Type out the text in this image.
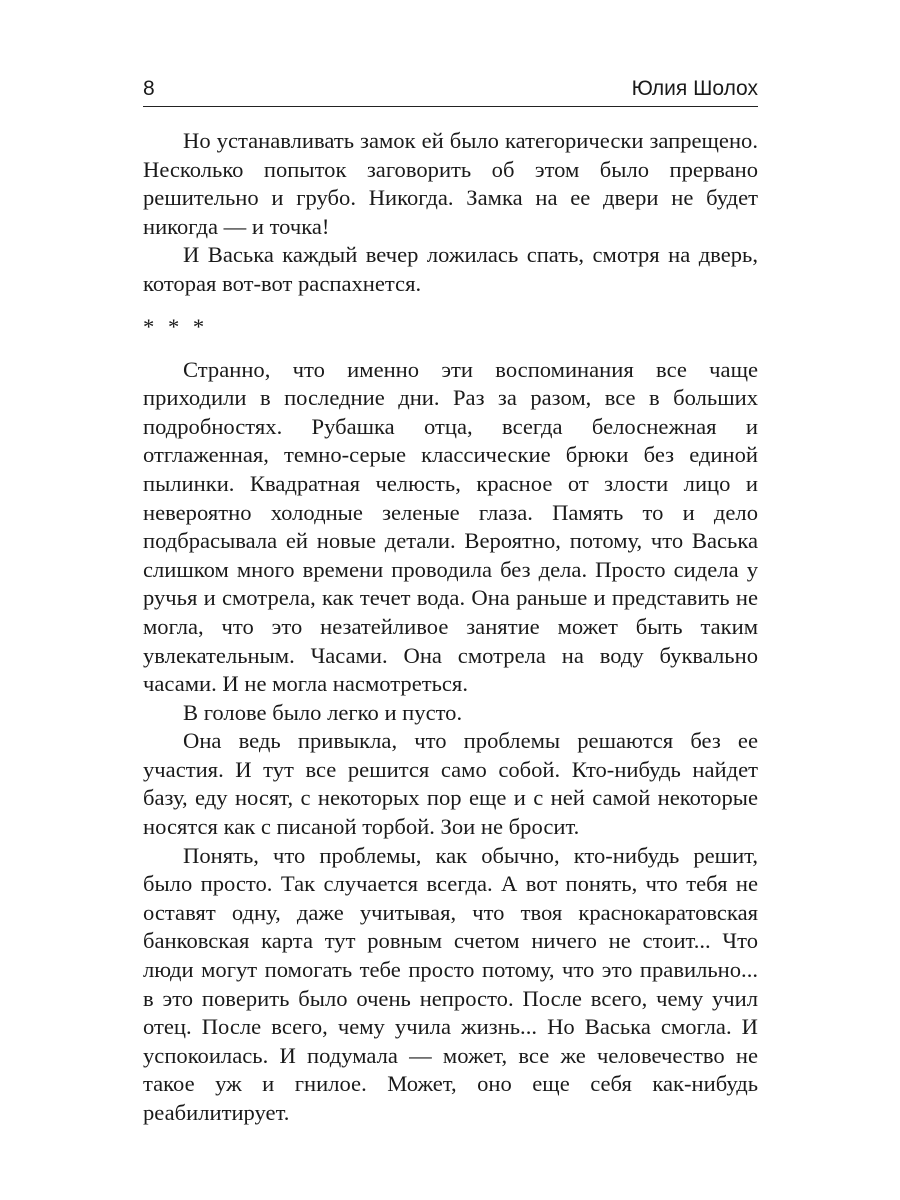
8	Юлия Шолох

Но устанавливать замок ей было категорически запрещено. Несколько попыток заговорить об этом было прервано решительно и грубо. Никогда. Замка на ее двери не будет никогда — и точка!

И Васька каждый вечер ложилась спать, смотря на дверь, которая вот-вот распахнется.

* * *

Странно, что именно эти воспоминания все чаще приходили в последние дни. Раз за разом, все в больших подробностях. Рубашка отца, всегда белоснежная и отглаженная, темно-серые классические брюки без единой пылинки. Квадратная челюсть, красное от злости лицо и невероятно холодные зеленые глаза. Память то и дело подбрасывала ей новые детали. Вероятно, потому, что Васька слишком много времени проводила без дела. Просто сидела у ручья и смотрела, как течет вода. Она раньше и представить не могла, что это незатейливое занятие может быть таким увлекательным. Часами. Она смотрела на воду буквально часами. И не могла насмотреться.

В голове было легко и пусто.

Она ведь привыкла, что проблемы решаются без ее участия. И тут все решится само собой. Кто-нибудь найдет базу, еду носят, с некоторых пор еще и с ней самой некоторые носятся как с писаной торбой. Зои не бросит.

Понять, что проблемы, как обычно, кто-нибудь решит, было просто. Так случается всегда. А вот понять, что тебя не оставят одну, даже учитывая, что твоя краснокаратовская банковская карта тут ровным счетом ничего не стоит... Что люди могут помогать тебе просто потому, что это правильно... в это поверить было очень непросто. После всего, чему учил отец. После всего, чему учила жизнь... Но Васька смогла. И успокоилась. И подумала — может, все же человечество не такое уж и гнилое. Может, оно еще себя как-нибудь реабилитирует.
